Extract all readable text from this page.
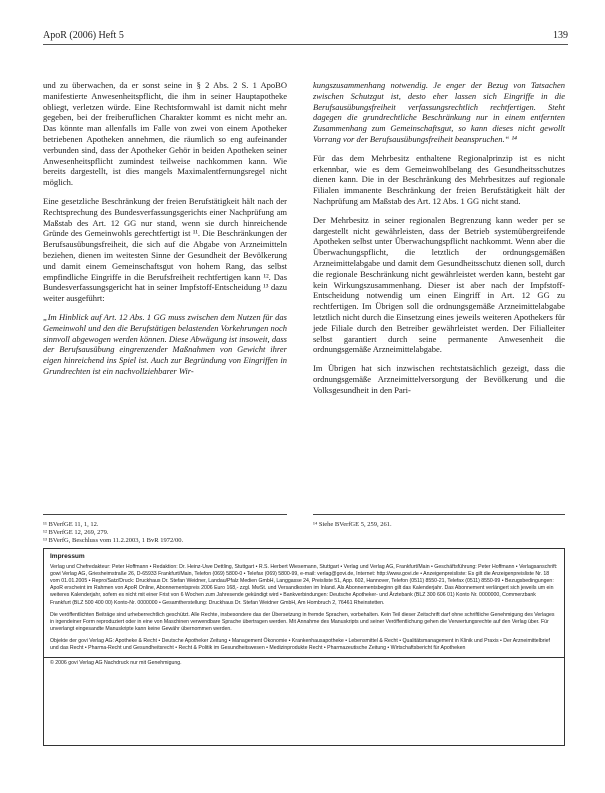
ApoR (2006) Heft 5	139

und zu überwachen, da er sonst seine in § 2 Abs. 2 S. 1 ApoBO manifestierte Anwesenheitspflicht, die ihm in seiner Hauptapotheke obliegt, verletzen würde. Eine Rechtsformwahl ist damit nicht mehr gegeben, bei der freiberuflichen Charakter kommt es nicht mehr an. Das könnte man allenfalls im Falle von zwei von einem Apotheker betriebenen Apotheken annehmen, die räumlich so eng aufeinander verbunden sind, dass der Apotheker Gehör in beiden Apotheken seiner Anwesenheitspflicht zumindest teilweise nachkommen kann. Wie bereits dargestellt, ist dies mangels Maximalentfernungsregel nicht möglich.

Eine gesetzliche Beschränkung der freien Berufstätigkeit hält nach der Rechtsprechung des Bundesverfassungsgerichts einer Nachprüfung am Maßstab des Art. 12 GG nur stand, wenn sie durch hinreichende Gründe des Gemeinwohls gerechtfertigt ist ¹¹. Die Beschränkungen der Berufsausübungsfreiheit, die sich auf die Abgabe von Arzneimitteln beziehen, dienen im weitesten Sinne der Gesundheit der Bevölkerung und damit einem Gemeinschaftsgut von hohem Rang, das selbst empfindliche Eingriffe in die Berufsfreiheit rechtfertigen kann ¹². Das Bundesverfassungsgericht hat in seiner Impfstoff-Entscheidung ¹³ dazu weiter ausgeführt:

„Im Hinblick auf Art. 12 Abs. 1 GG muss zwischen dem Nutzen für das Gemeinwohl und den die Berufstätigen belastenden Vorkehrungen noch sinnvoll abgewogen werden können. Diese Abwägung ist insoweit, dass der Berufsausübung eingrenzender Maßnahmen von Gewicht ihrer eigen hinreichend ins Spiel ist. Auch zur Begründung von Eingriffen in Grundrechten ist ein nachvollziehbarer Wir-

kungszusammenhang notwendig. Je enger der Bezug von Tatsachen zwischen Schutzgut ist, desto eher lassen sich Eingriffe in die Berufsausübungsfreiheit verfassungsrechtlich rechtfertigen. Steht dagegen die grundrechtliche Beschränkung nur in einem entfernten Zusammenhang zum Gemeinschaftsgut, so kann dieses nicht gewollt Vorrang vor der Berufsausübungsfreiheit beanspruchen.“ ¹⁴

Für das dem Mehrbesitz enthaltene Regionalprinzip ist es nicht erkennbar, wie es dem Gemeinwohlbelang des Gesundheitsschutzes dienen kann. Die in der Beschränkung des Mehrbesitzes auf regionale Filialen immanente Beschränkung der freien Berufstätigkeit hält der Nachprüfung am Maßstab des Art. 12 Abs. 1 GG nicht stand.

Der Mehrbesitz in seiner regionalen Begrenzung kann weder per se dargestellt nicht gewährleisten, dass der Betrieb systemübergreifende Apotheken selbst unter Überwachungspflicht nachkommt. Wenn aber die Überwachungspflicht, die letztlich der ordnungsgemäßen Arzneimittelabgabe und damit dem Gesundheitsschutz dienen soll, durch die regionale Beschränkung nicht gewährleistet werden kann, besteht gar kein Wirkungszusammenhang. Dieser ist aber nach der Impfstoff-Entscheidung notwendig um einen Eingriff in Art. 12 GG zu rechtfertigen. Im Übrigen soll die ordnungsgemäße Arzneimittelabgabe letztlich nicht durch die Einsetzung eines jeweils weiteren Apothekers für jede Filiale durch den Betreiber gewährleistet werden. Der Filialleiter selbst garantiert durch seine permanente Anwesenheit die ordnungsgemäße Arzneimittelabgabe.

Im Übrigen hat sich inzwischen rechtstatsächlich gezeigt, dass die ordnungsgemäße Arzneimittelversorgung der Bevölkerung und die Volksgesundheit in den Pari-

¹¹ BVerfGE 11, 1, 12.
¹² BVerfGE 12, 269, 279.
¹³ BVerfG, Beschluss vom 11.2.2003, 1 BvR 1972/00.
¹⁴ Siehe BVerfGE 5, 259, 261.
Impressum

Verlag und Chefredakteur: Peter Hoffmann • Redaktion: Dr. Heinz-Uwe Dettling, Stuttgart • R.S. Herbert Wiesemann, Stuttgart • Verlag und Verlag AG, Frankfurt/Main • Geschäftsführung: Peter Hoffmann • Verlagsanschrift: gowi Verlag AG, Griesheimstraße 26, D-65933 Frankfurt/Main, Telefon (069) 5800-0 • Telefax (069) 5800-99, e-mail: verlag@govi.de, Internet: http://www.govi.de • Anzeigenpreisliste: Es gilt die Anzeigenpreisliste Nr. 18 vom 01.01.2005 • Repro/Satz/Druck: Druckhaus Dr. Stefan Weidner, Landau/Pfalz Medien GmbH, Langgasse 24, Preisliste 51, App. 602, Hannover, Telefon (0511) 8550-21, Telefax (0511) 8550-99 • Bezugsbedingungen: ApoR erscheint im Rahmen von ApoR Online, Abonnementspreis 2006 Euro 168,- zzgl. MwSt. und Versandkosten im Inland. Als Abonnementsbeginn gilt das Kalenderjahr. Das Abonnement verlängert sich jeweils um ein weiteres Kalenderjahr, sofern es nicht mit einer Frist von 6 Wochen zum Jahresende gekündigt wird • Bankverbindungen: Deutsche Apotheker- und Ärztebank (BLZ 300 606 01) Konto Nr. 0000000, Commerzbank Frankfurt (BLZ 500 400 00) Konto-Nr. 0000000 • Gesamtherstellung: Druckhaus Dr. Stefan Weidner GmbH, Am Hombruch 2, 76461 Rheinstetten.

Die veröffentlichten Beiträge sind urheberrechtlich geschützt. Alle Rechte, insbesondere das der Übersetzung in fremde Sprachen, vorbehalten. Kein Teil dieser Zeitschrift darf ohne schriftliche Genehmigung des Verlages in irgendeiner Form reproduziert oder in eine von Maschinen verwendbare Sprache übertragen werden. Mit Annahme des Manuskripts und seiner Veröffentlichung gehen die Verwertungsrechte auf den Verlag über. Für unverlangt eingesandte Manuskripte kann keine Gewähr übernommen werden.

Objekte der govi Verlag AG: Apotheke & Recht • Deutsche Apotheker Zeitung • Management Ökonomie • Krankenhausapotheke • Lebensmittel & Recht • Qualitätsmanagement in Klinik und Praxis • Der Arzneimittelbrief und das Recht • Pharma-Recht und Gesundheitsrecht • Recht & Politik im Gesundheitswesen • Medizinprodukte Recht • Pharmazeutische Zeitung • Wirtschaftsbericht für Apotheken

© 2006 govi Verlag AG Nachdruck nur mit Genehmigung.
